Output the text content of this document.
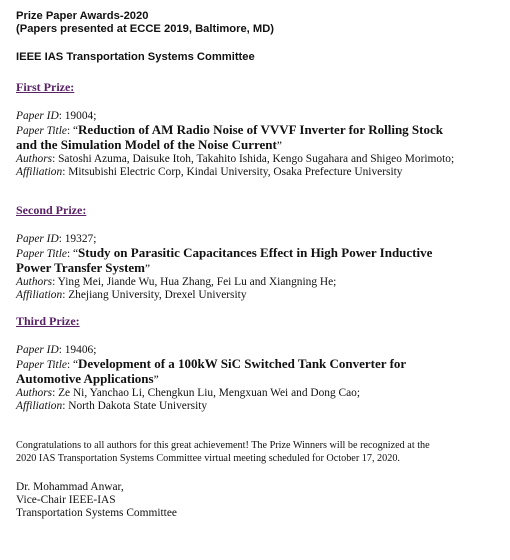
Prize Paper Awards-2020
(Papers presented at ECCE 2019, Baltimore, MD)
IEEE IAS Transportation Systems Committee
First Prize:
Paper ID: 19004;
Paper Title: “Reduction of AM Radio Noise of VVVF Inverter for Rolling Stock
and the Simulation Model of the Noise Current”
Authors: Satoshi Azuma, Daisuke Itoh, Takahito Ishida, Kengo Sugahara and Shigeo Morimoto;
Affiliation: Mitsubishi Electric Corp, Kindai University, Osaka Prefecture University
Second Prize:
Paper ID: 19327;
Paper Title: “Study on Parasitic Capacitances Effect in High Power Inductive
Power Transfer System”
Authors: Ying Mei, Jiande Wu, Hua Zhang, Fei Lu and Xiangning He;
Affiliation: Zhejiang University, Drexel University
Third Prize:
Paper ID: 19406;
Paper Title: “Development of a 100kW SiC Switched Tank Converter for
Automotive Applications”
Authors: Ze Ni, Yanchao Li, Chengkun Liu, Mengxuan Wei and Dong Cao;
Affiliation: North Dakota State University
Congratulations to all authors for this great achievement! The Prize Winners will be recognized at the
2020 IAS Transportation Systems Committee virtual meeting scheduled for October 17, 2020.
Dr. Mohammad Anwar,
Vice-Chair IEEE-IAS
Transportation Systems Committee
